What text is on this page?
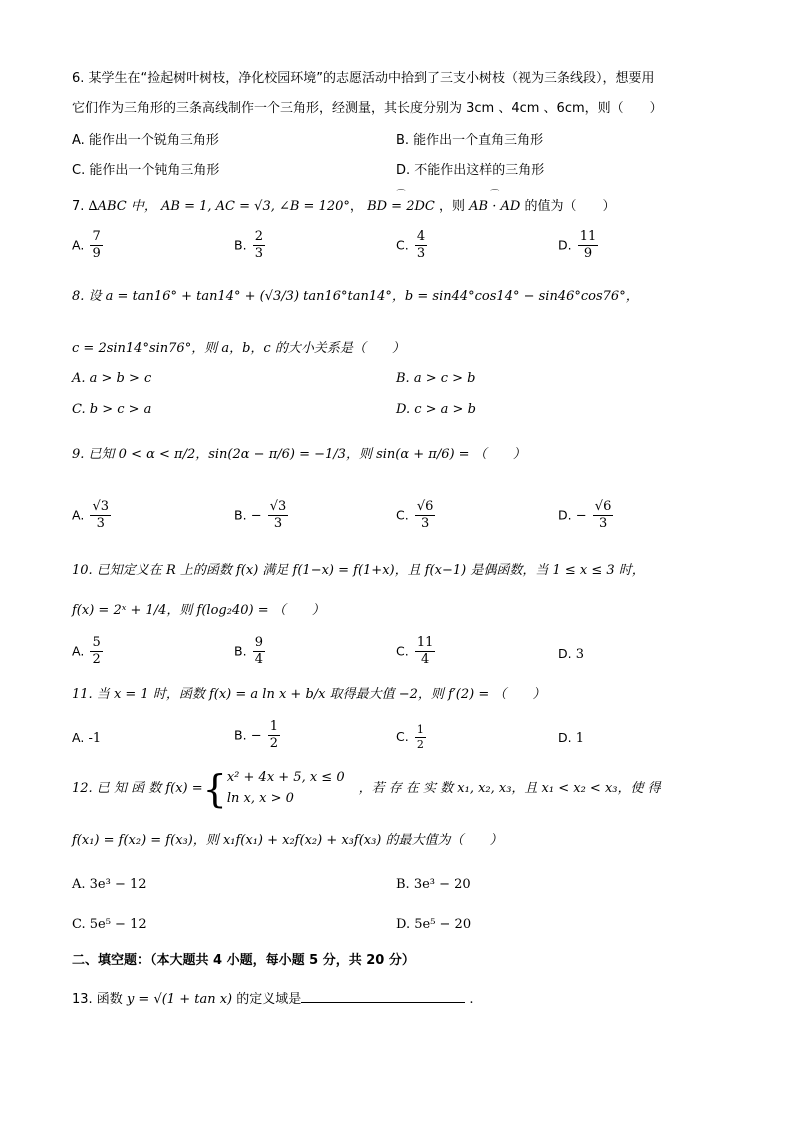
6. 某学生在“捡起树叶树枝，净化校园环境”的志愿活动中拾到了三支小树枝（视为三条线段），想要用
它们作为三角形的三条高线制作一个三角形，经测量，其长度分别为 3cm 、4cm 、6cm，则（　　）
A. 能作出一个锐角三角形	B. 能作出一个直角三角形
C. 能作出一个钝角三角形	D. 不能作出这样的三角形
7. ∆ABC 中， AB = 1, AC = √3, ∠B = 120°， ⌒ BD = 2DC ，则 ⌒ AB · AD 的值为（　　）
A. $\frac{7}{9}$	B. $\frac{2}{3}$	C. $\frac{4}{3}$	D. $\frac{11}{9}$
8. 设 a = tan16° + tan14° + (√3/3) tan16°tan14°，b = sin44°cos14° − sin46°cos76°，
c = 2sin14°sin76°，则 a，b，c 的大小关系是（　　）
A. a > b > c	B. a > c > b
C. b > c > a	D. c > a > b
9. 已知 0 < α < π/2，sin(2α − π/6) = −1/3，则 sin(α + π/6) = （　　）
A. $\frac{√3}{3}$	B. − $\frac{√3}{3}$	C. $\frac{√6}{3}$	D. − $\frac{√6}{3}$
10. 已知定义在 R 上的函数 f(x) 满足 f(1−x) = f(1+x)，且 f(x−1) 是偶函数，当 1 ≤ x ≤ 3 时，
f(x) = 2ˣ + 1/4，则 f(log₂40) = （　　）
A. $\frac{5}{2}$	B. $\frac{9}{4}$	C. $\frac{11}{4}$	D. 3
11. 当 x = 1 时，函数 f(x) = a ln x + b/x 取得最大值 −2，则 f′(2) = （　　）
A. -1	B. − $\frac{1}{2}$	C. $\frac{1}{2}$	D. 1
12. 已 知 函 数 f(x) = { x² + 4x + 5, x ≤ 0
ln x, x > 0
，若 存 在 实 数 x₁, x₂, x₃，且 x₁ < x₂ < x₃，使 得
f(x₁) = f(x₂) = f(x₃)，则 x₁f(x₁) + x₂f(x₂) + x₃f(x₃) 的最大值为（　　）
A. 3e³ − 12	B. 3e³ − 20
C. 5e⁵ − 12	D. 5e⁵ − 20
二、填空题：（本大题共 4 小题，每小题 5 分，共 20 分）
13. 函数 y = √(1 + tan x) 的定义域是	.
